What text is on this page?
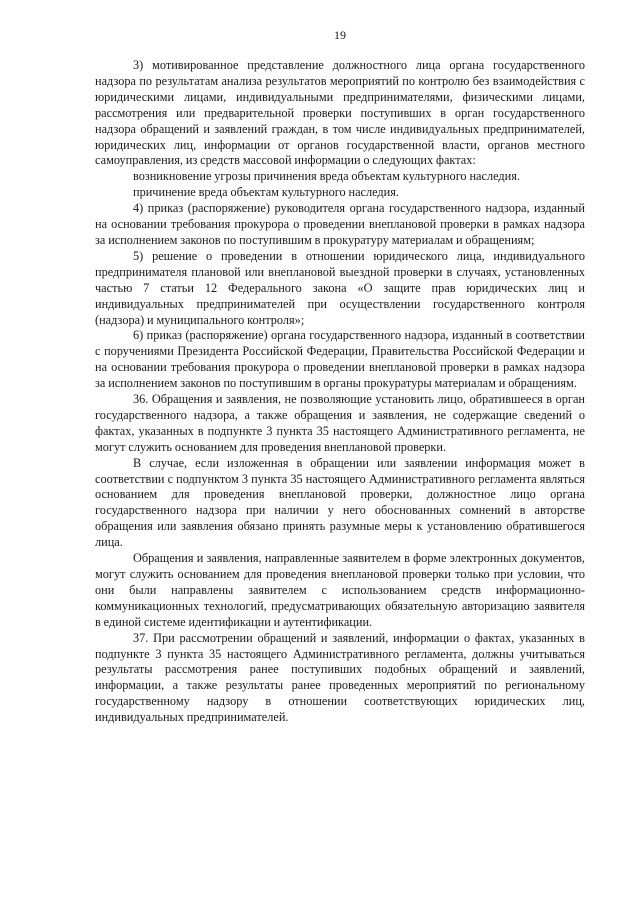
19

3) мотивированное представление должностного лица органа государственного надзора по результатам анализа результатов мероприятий по контролю без взаимодействия с юридическими лицами, индивидуальными предпринимателями, физическими лицами, рассмотрения или предварительной проверки поступивших в орган государственного надзора обращений и заявлений граждан, в том числе индивидуальных предпринимателей, юридических лиц, информации от органов государственной власти, органов местного самоуправления, из средств массовой информации о следующих фактах:

возникновение угрозы причинения вреда объектам культурного наследия.

причинение вреда объектам культурного наследия.

4) приказ (распоряжение) руководителя органа государственного надзора, изданный на основании требования прокурора о проведении внеплановой проверки в рамках надзора за исполнением законов по поступившим в прокуратуру материалам и обращениям;

5) решение о проведении в отношении юридического лица, индивидуального предпринимателя плановой или внеплановой выездной проверки в случаях, установленных частью 7 статьи 12 Федерального закона «О защите прав юридических лиц и индивидуальных предпринимателей при осуществлении государственного контроля (надзора) и муниципального контроля»;

6) приказ (распоряжение) органа государственного надзора, изданный в соответствии с поручениями Президента Российской Федерации, Правительства Российской Федерации и на основании требования прокурора о проведении внеплановой проверки в рамках надзора за исполнением законов по поступившим в органы прокуратуры материалам и обращениям.

36. Обращения и заявления, не позволяющие установить лицо, обратившееся в орган государственного надзора, а также обращения и заявления, не содержащие сведений о фактах, указанных в подпункте 3 пункта 35 настоящего Административного регламента, не могут служить основанием для проведения внеплановой проверки.

В случае, если изложенная в обращении или заявлении информация может в соответствии с подпунктом 3 пункта 35 настоящего Административного регламента являться основанием для проведения внеплановой проверки, должностное лицо органа государственного надзора при наличии у него обоснованных сомнений в авторстве обращения или заявления обязано принять разумные меры к установлению обратившегося лица.

Обращения и заявления, направленные заявителем в форме электронных документов, могут служить основанием для проведения внеплановой проверки только при условии, что они были направлены заявителем с использованием средств информационно-коммуникационных технологий, предусматривающих обязательную авторизацию заявителя в единой системе идентификации и аутентификации.

37. При рассмотрении обращений и заявлений, информации о фактах, указанных в подпункте 3 пункта 35 настоящего Административного регламента, должны учитываться результаты рассмотрения ранее поступивших подобных обращений и заявлений, информации, а также результаты ранее проведенных мероприятий по региональному государственному надзору в отношении соответствующих юридических лиц, индивидуальных предпринимателей.
